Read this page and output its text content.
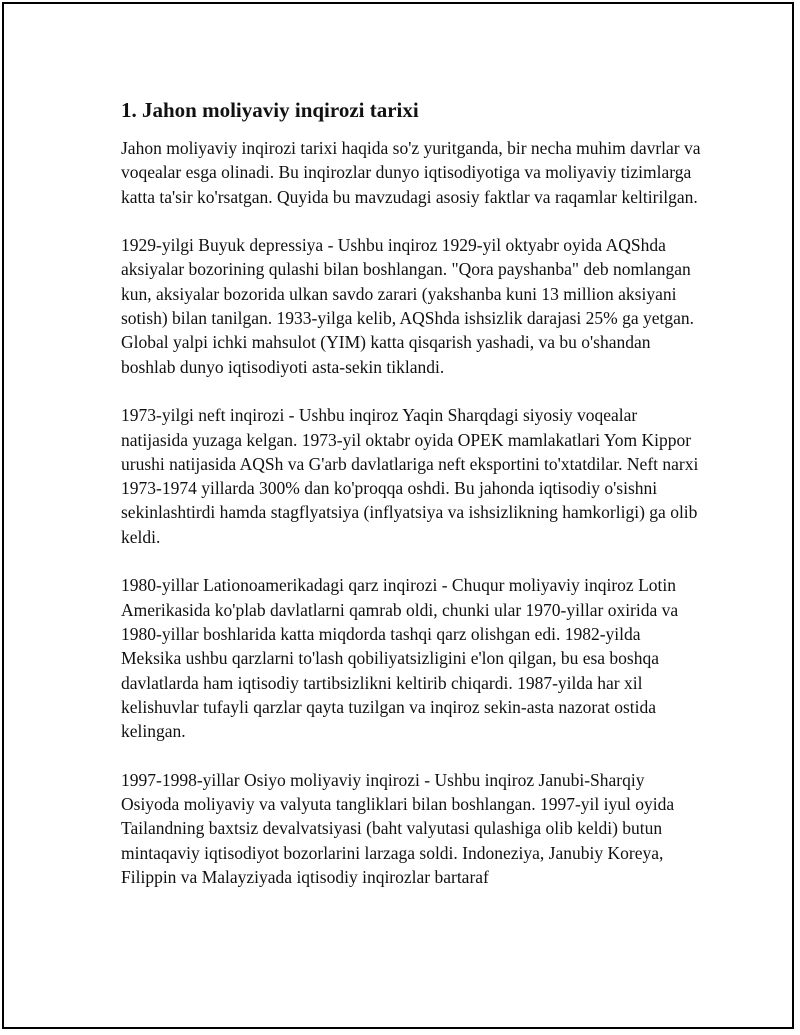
1. Jahon moliyaviy inqirozi tarixi

Jahon moliyaviy inqirozi tarixi haqida so'z yuritganda, bir necha muhim davrlar va voqealar esga olinadi. Bu inqirozlar dunyo iqtisodiyotiga va moliyaviy tizimlarga katta ta'sir ko'rsatgan. Quyida bu mavzudagi asosiy faktlar va raqamlar keltirilgan.

1929-yilgi Buyuk depressiya - Ushbu inqiroz 1929-yil oktyabr oyida AQShda aksiyalar bozorining qulashi bilan boshlangan. "Qora payshanba" deb nomlangan kun, aksiyalar bozorida ulkan savdo zarari (yakshanba kuni 13 million aksiyani sotish) bilan tanilgan. 1933-yilga kelib, AQShda ishsizlik darajasi 25% ga yetgan. Global yalpi ichki mahsulot (YIM) katta qisqarish yashadi, va bu o'shandan boshlab dunyo iqtisodiyoti asta-sekin tiklandi.

1973-yilgi neft inqirozi - Ushbu inqiroz Yaqin Sharqdagi siyosiy voqealar natijasida yuzaga kelgan. 1973-yil oktabr oyida OPEK mamlakatlari Yom Kippor urushi natijasida AQSh va G'arb davlatlariga neft eksportini to'xtatdilar. Neft narxi 1973-1974 yillarda 300% dan ko'proqqa oshdi. Bu jahonda iqtisodiy o'sishni sekinlashtirdi hamda stagflyatsiya (inflyatsiya va ishsizlikning hamkorligi) ga olib keldi.

1980-yillar Lationoamerikadagi qarz inqirozi - Chuqur moliyaviy inqiroz Lotin Amerikasida ko'plab davlatlarni qamrab oldi, chunki ular 1970-yillar oxirida va 1980-yillar boshlarida katta miqdorda tashqi qarz olishgan edi. 1982-yilda Meksika ushbu qarzlarni to'lash qobiliyatsizligini e'lon qilgan, bu esa boshqa davlatlarda ham iqtisodiy tartibsizlikni keltirib chiqardi. 1987-yilda har xil kelishuvlar tufayli qarzlar qayta tuzilgan va inqiroz sekin-asta nazorat ostida kelingan.

1997-1998-yillar Osiyo moliyaviy inqirozi - Ushbu inqiroz Janubi-Sharqiy Osiyoda moliyaviy va valyuta tangliklari bilan boshlangan. 1997-yil iyul oyida Tailandning baxtsiz devalvatsiyasi (baht valyutasi qulashiga olib keldi) butun mintaqaviy iqtisodiyot bozorlarini larzaga soldi. Indoneziya, Janubiy Koreya, Filippin va Malayziyada iqtisodiy inqirozlar bartaraf
